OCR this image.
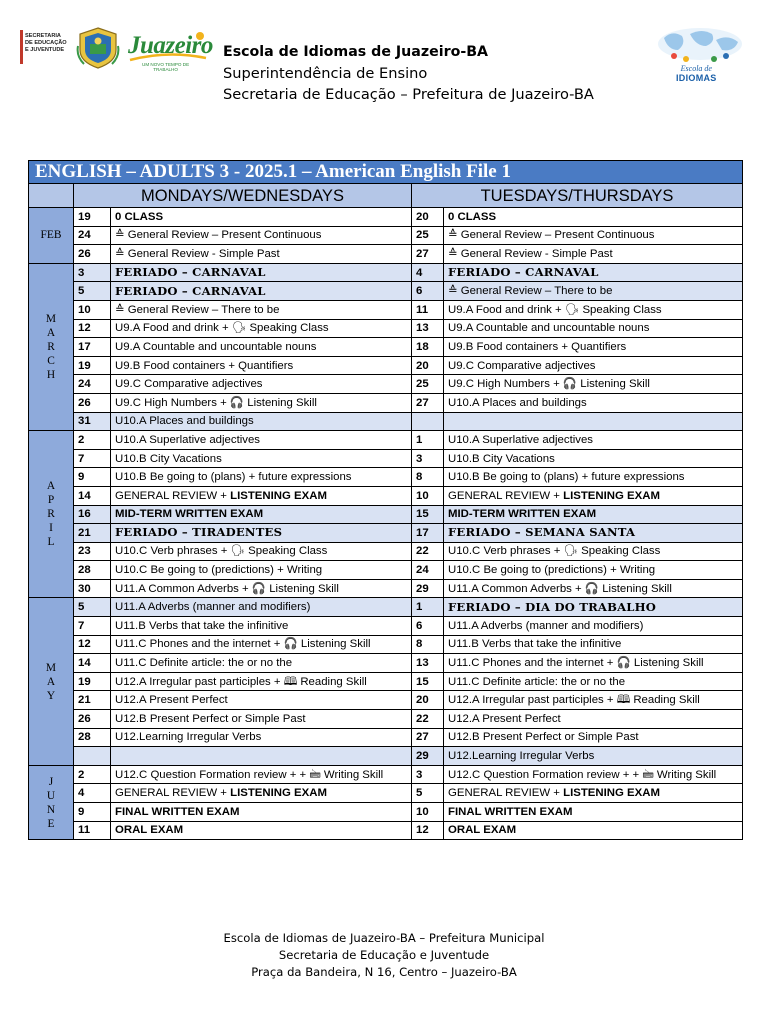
SECRETARIA
DE EDUCAÇÃO
E JUVENTUDE	Juazeiro
UM NOVO TEMPO DE
TRABALHO
Escola de Idiomas de Juazeiro-BA
Superintendência de Ensino
Secretaria de Educação – Prefeitura de Juazeiro-BA
Escola de
IDIOMAS
ENGLISH – ADULTS 3 - 2025.1 – American English File 1				
	MONDAYS/WEDNESDAYS		TUESDAYS/THURSDAYS	
FEB	19	0 CLASS	20	0 CLASS
	24	≙ General Review – Present Continuous	25	≙ General Review – Present Continuous
	26	≙ General Review - Simple Past	27	≙ General Review - Simple Past
M
A
R
C
H	3	FERIADO – CARNAVAL	4	FERIADO – CARNAVAL
	5	FERIADO – CARNAVAL	6	≙ General Review – There to be
	10	≙ General Review – There to be	11	U9.A Food and drink + 🗣 Speaking Class
	12	U9.A Food and drink + 🗣 Speaking Class	13	U9.A Countable and uncountable nouns
	17	U9.A Countable and uncountable nouns	18	U9.B Food containers + Quantifiers
	19	U9.B Food containers + Quantifiers	20	U9.C Comparative adjectives
	24	U9.C Comparative adjectives	25	U9.C High Numbers + 🎧 Listening Skill
	26	U9.C High Numbers + 🎧 Listening Skill	27	U10.A Places and buildings
	31	U10.A Places and buildings		
A
P
R
I
L	2	U10.A Superlative adjectives	1	U10.A Superlative adjectives
	7	U10.B City Vacations	3	U10.B City Vacations
	9	U10.B Be going to (plans) + future expressions	8	U10.B Be going to (plans) + future expressions
	14	GENERAL REVIEW + LISTENING EXAM	10	GENERAL REVIEW + LISTENING EXAM
	16	MID-TERM WRITTEN EXAM	15	MID-TERM WRITTEN EXAM
	21	FERIADO – TIRADENTES	17	FERIADO – SEMANA SANTA
	23	U10.C Verb phrases + 🗣 Speaking Class	22	U10.C Verb phrases + 🗣 Speaking Class
	28	U10.C Be going to (predictions) + Writing	24	U10.C Be going to (predictions) + Writing
	30	U11.A Common Adverbs + 🎧 Listening Skill	29	U11.A Common Adverbs + 🎧 Listening Skill
M
A
Y	5	U11.A Adverbs (manner and modifiers)	1	FERIADO – DIA DO TRABALHO
	7	U11.B Verbs that take the infinitive	6	U11.A Adverbs (manner and modifiers)
	12	U11.C Phones and the internet + 🎧 Listening Skill	8	U11.B Verbs that take the infinitive
	14	U11.C Definite article: the or no the	13	U11.C Phones and the internet + 🎧 Listening Skill
	19	U12.A Irregular past participles + 🕮 Reading Skill	15	U11.C Definite article: the or no the
	21	U12.A Present Perfect	20	U12.A Irregular past participles + 🕮 Reading Skill
	26	U12.B Present Perfect or Simple Past	22	U12.A Present Perfect
	28	U12.Learning Irregular Verbs	27	U12.B Present Perfect or Simple Past
			29	U12.Learning Irregular Verbs
J
U
N
E	2	U12.C Question Formation review + + 🖮 Writing Skill	3	U12.C Question Formation review + + 🖮 Writing Skill
	4	GENERAL REVIEW + LISTENING EXAM	5	GENERAL REVIEW + LISTENING EXAM
	9	FINAL WRITTEN EXAM	10	FINAL WRITTEN EXAM
	11	ORAL EXAM	12	ORAL EXAM
Escola de Idiomas de Juazeiro-BA – Prefeitura Municipal
Secretaria de Educação e Juventude
Praça da Bandeira, N 16, Centro – Juazeiro-BA
